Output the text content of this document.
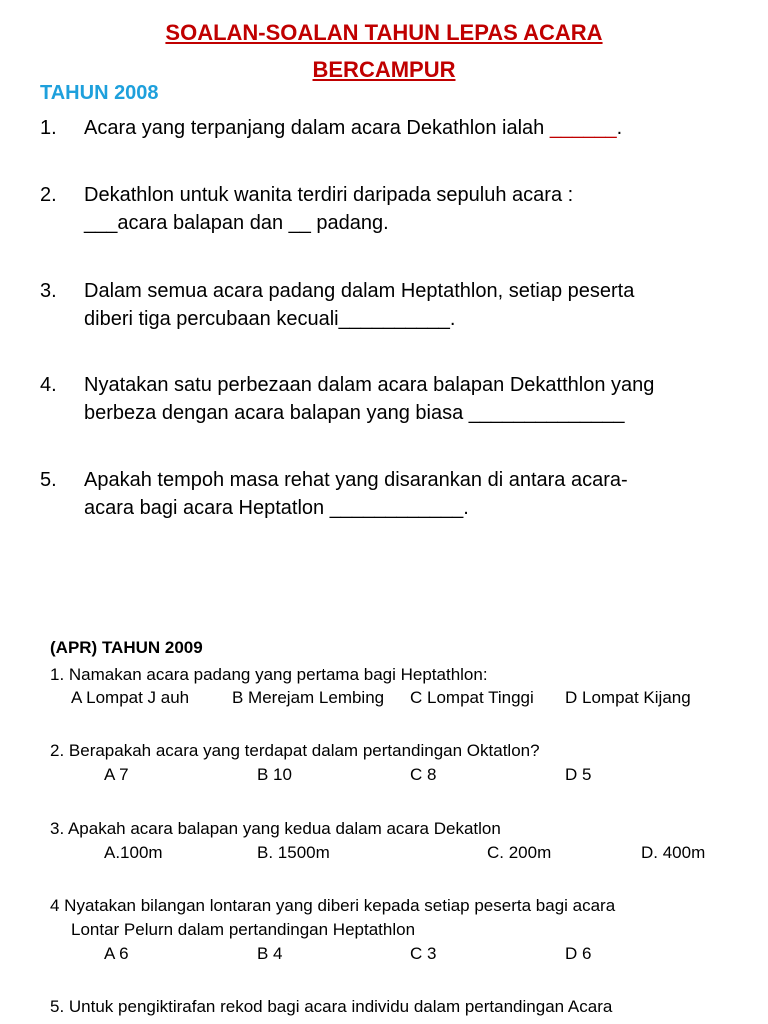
SOALAN-SOALAN TAHUN LEPAS ACARA
BERCAMPUR
TAHUN 2008
1. Acara yang terpanjang dalam acara Dekathlon ialah ______.
2. Dekathlon untuk wanita terdiri daripada sepuluh acara :
___acara balapan dan __ padang.
3. Dalam semua acara padang dalam Heptathlon, setiap peserta
diberi tiga percubaan kecuali__________.
4. Nyatakan satu perbezaan dalam acara balapan Dekatthlon yang
berbeza dengan acara balapan yang biasa ______________
5. Apakah tempoh masa rehat yang disarankan di antara acara-
acara bagi acara Heptatlon ____________.
(APR) TAHUN 2009
1. Namakan acara padang yang pertama bagi Heptathlon:
A Lompat J auh	B Merejam Lembing C Lompat Tinggi D Lompat Kijang
2. Berapakah acara yang terdapat dalam pertandingan Oktatlon?
A 7	B 10	C 8	D 5
3. Apakah acara balapan yang kedua dalam acara Dekatlon
A.100m	B. 1500m	C. 200m	D. 400m
4 Nyatakan bilangan lontaran yang diberi kepada setiap peserta bagi acara
Lontar Pelurn dalam pertandingan Heptathlon
A 6	B 4	C 3	D 6
5. Untuk pengiktirafan rekod bagi acara individu dalam pertandingan Acara
